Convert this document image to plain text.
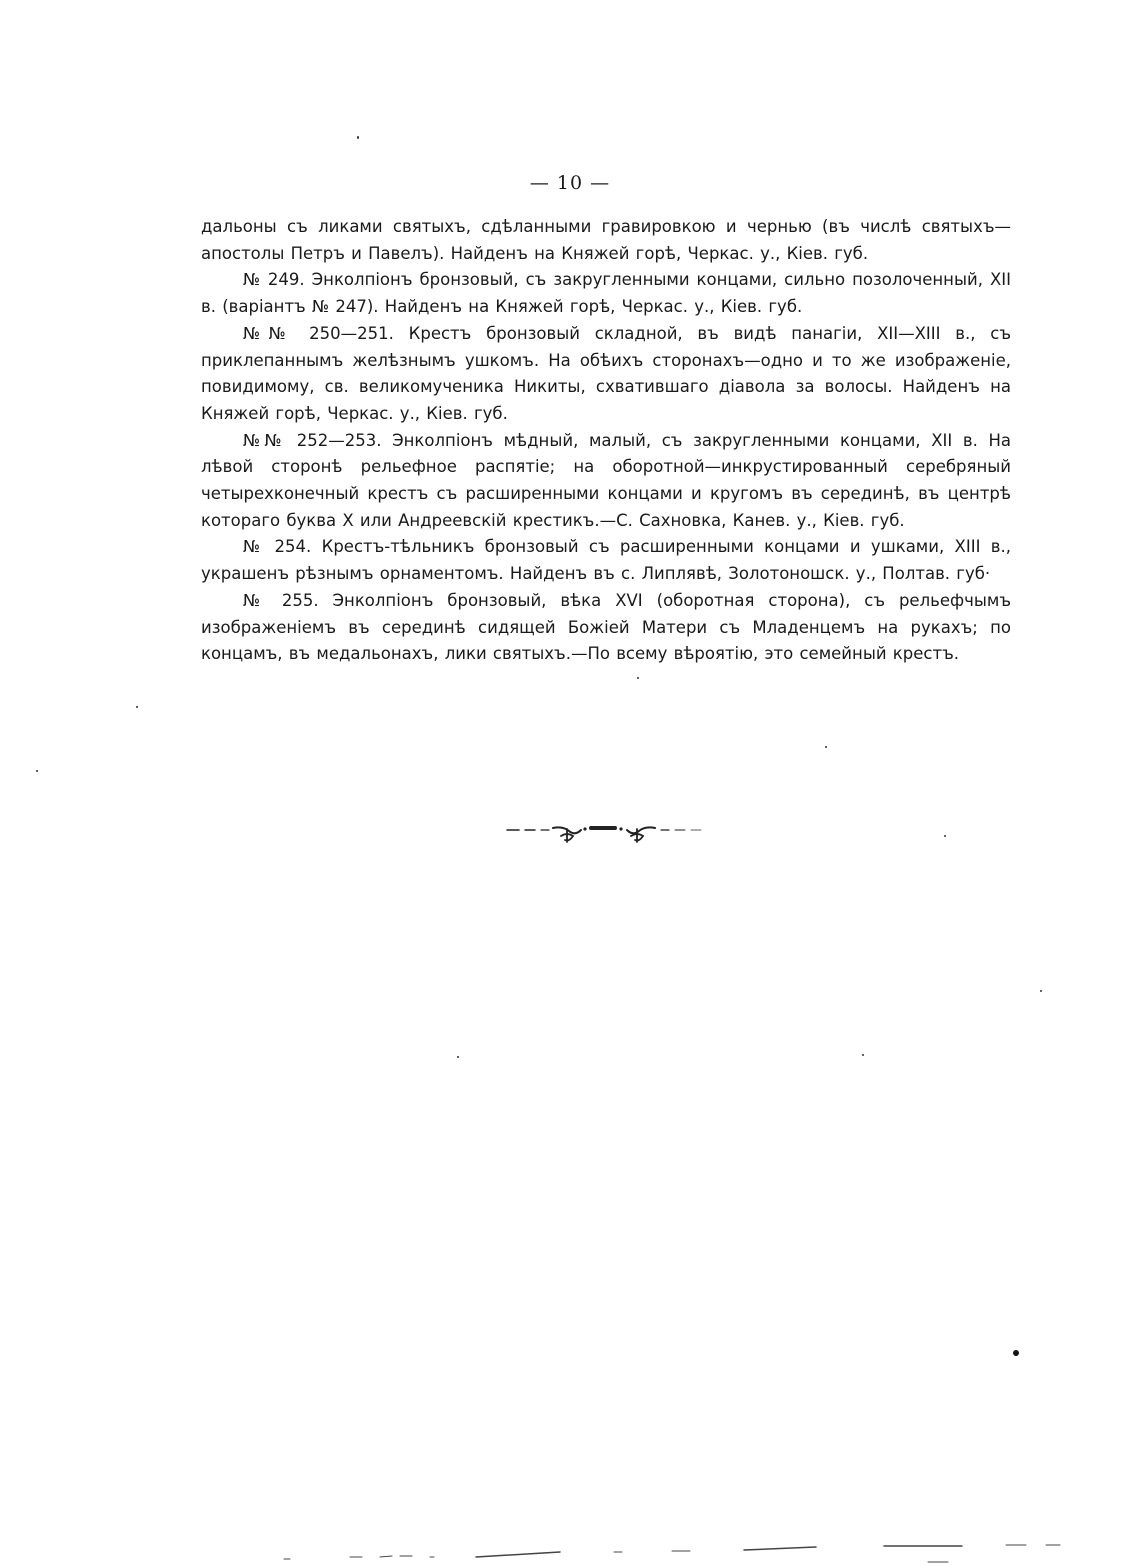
— 10 —

дальоны съ ликами святыхъ, сдѣланными гравировкою и чернью (въ числѣ святыхъ— апостолы Петръ и Павелъ). Найденъ на Княжей горѣ, Черкас. у., Кіев. губ.

№ 249. Энколпіонъ бронзовый, съ закругленными концами, сильно позолоченный, XII в. (варіантъ № 247). Найденъ на Княжей горѣ, Черкас. у., Кіев. губ.

№№ 250—251. Крестъ бронзовый складной, въ видѣ панагіи, XII—XIII в., съ приклепаннымъ желѣзнымъ ушкомъ. На обѣихъ сторонахъ—одно и то же изображеніе, повидимому, св. великомученика Никиты, схватившаго діавола за волосы. Найденъ на Княжей горѣ, Черкас. у., Кіев. губ.

№№ 252—253. Энколпіонъ мѣдный, малый, съ закругленными концами, XII в. На лѣвой сторонѣ рельефное распятіе; на оборотной—инкрустированный серебряный четырехконечный крестъ съ расширенными концами и кругомъ въ серединѣ, въ центрѣ котораго буква X или Андреевскій крестикъ.—С. Сахновка, Канев. у., Кіев. губ.

№ 254. Крестъ-тѣльникъ бронзовый съ расширенными концами и ушками, XIII в., украшенъ рѣзнымъ орнаментомъ. Найденъ въ с. Липлявѣ, Золотоношск. у., Полтав. губ·

№ 255. Энколпіонъ бронзовый, вѣка XVI (оборотная сторона), съ рельефчымъ изображеніемъ въ серединѣ сидящей Божіей Матери съ Младенцемъ на рукахъ; по концамъ, въ медальонахъ, лики святыхъ.—По всему вѣроятію, это семейный крестъ.
